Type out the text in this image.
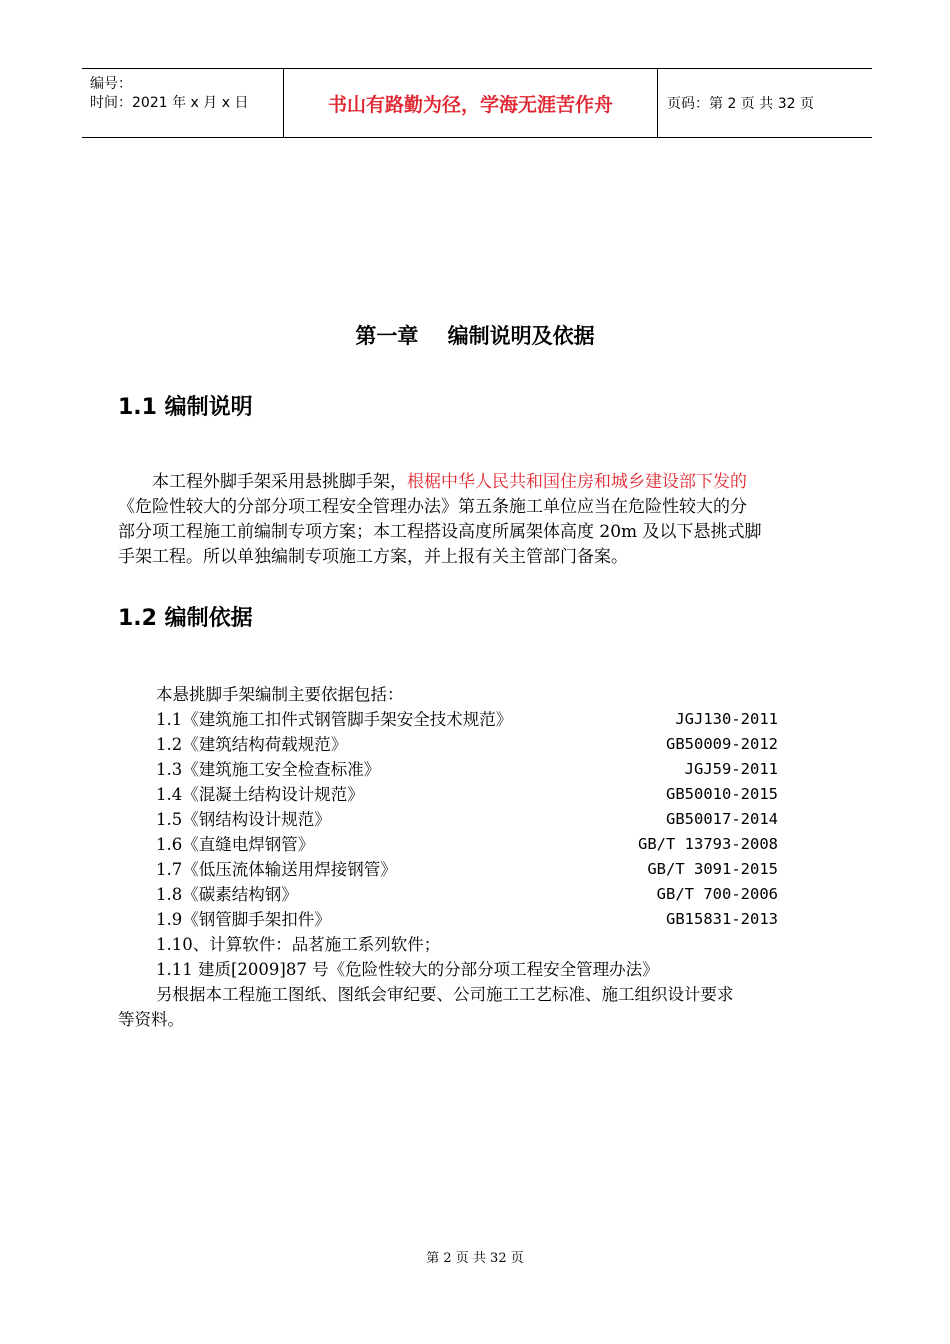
编号：
时间：2021 年 x 月 x 日	书山有路勤为径，学海无涯苦作舟	页码：第 2 页 共 32 页
第一章    编制说明及依据
1.1 编制说明
本工程外脚手架采用悬挑脚手架，根椐中华人民共和国住房和城乡建设部下发的
《危险性较大的分部分项工程安全管理办法》第五条施工单位应当在危险性较大的分
部分项工程施工前编制专项方案；本工程搭设高度所属架体高度 20m 及以下悬挑式脚
手架工程。所以单独编制专项施工方案，并上报有关主管部门备案。
1.2 编制依据
本悬挑脚手架编制主要依据包括：
1.1《建筑施工扣件式钢管脚手架安全技术规范》	JGJ130-2011
1.2《建筑结构荷载规范》	GB50009-2012
1.3《建筑施工安全检查标准》	JGJ59-2011
1.4《混凝土结构设计规范》	GB50010-2015
1.5《钢结构设计规范》	GB50017-2014
1.6《直缝电焊钢管》	GB/T 13793-2008
1.7《低压流体输送用焊接钢管》	GB/T 3091-2015
1.8《碳素结构钢》	GB/T 700-2006
1.9《钢管脚手架扣件》	GB15831-2013
1.10、计算软件：品茗施工系列软件；
1.11 建质[2009]87 号《危险性较大的分部分项工程安全管理办法》
另根据本工程施工图纸、图纸会审纪要、公司施工工艺标准、施工组织设计要求
等资料。
第 2 页 共 32 页
